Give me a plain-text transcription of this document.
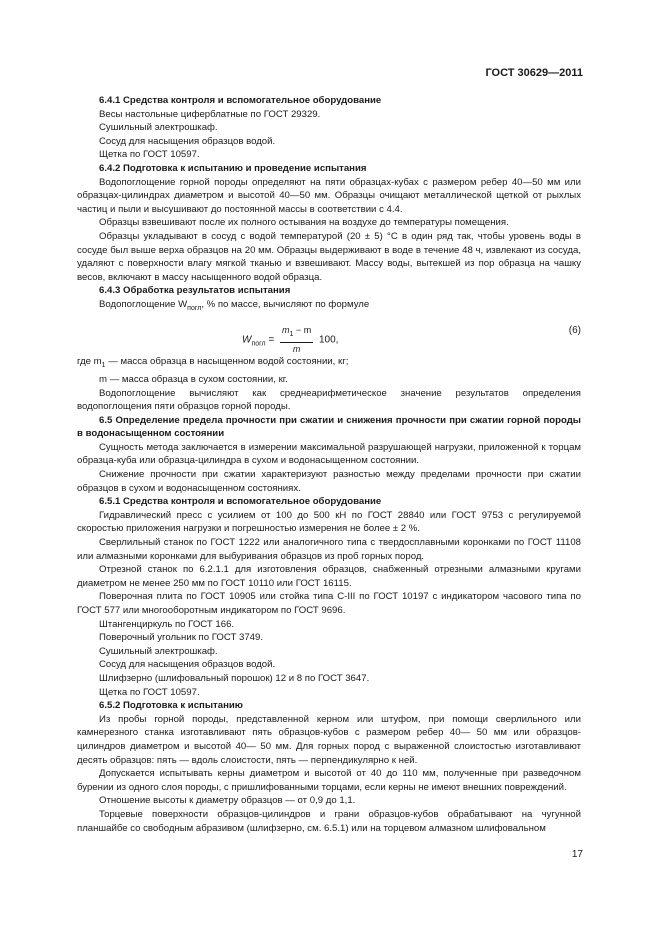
ГОСТ 30629—2011

6.4.1 Средства контроля и вспомогательное оборудование

Весы настольные циферблатные по ГОСТ 29329.

Сушильный электрошкаф.

Сосуд для насыщения образцов водой.

Щетка по ГОСТ 10597.

6.4.2 Подготовка к испытанию и проведение испытания

Водопоглощение горной породы определяют на пяти образцах-кубах с размером ребер 40—50 мм или образцах-цилиндрах диаметром и высотой 40—50 мм. Образцы очищают металлической щеткой от рыхлых частиц и пыли и высушивают до постоянной массы в соответствии с 4.4.

Образцы взвешивают после их полного остывания на воздухе до температуры помещения.

Образцы укладывают в сосуд с водой температурой (20 ± 5) °C в один ряд так, чтобы уровень воды в сосуде был выше верха образцов на 20 мм. Образцы выдерживают в воде в течение 48 ч, извлекают из сосуда, удаляют с поверхности влагу мягкой тканью и взвешивают. Массу воды, вытекшей из пор образца на чашку весов, включают в массу насыщенного водой образца.

6.4.3 Обработка результатов испытания

Водопоглощение $W_{погл}$, % по массе, вычисляют по формуле

$W_{погл} = \frac{m_1 - m}{m} 100$,
(6)

где $m_1$ — масса образца в насыщенном водой состоянии, кг;

m — масса образца в сухом состоянии, кг.

Водопоглощение вычисляют как среднеарифметическое значение результатов определения водопоглощения пяти образцов горной породы.

6.5 Определение предела прочности при сжатии и снижения прочности при сжатии горной породы в водонасыщенном состоянии

Сущность метода заключается в измерении максимальной разрушающей нагрузки, приложенной к торцам образца-куба или образца-цилиндра в сухом и водонасыщенном состоянии.

Снижение прочности при сжатии характеризуют разностью между пределами прочности при сжатии образцов в сухом и водонасыщенном состояниях.

6.5.1 Средства контроля и вспомогательное оборудование

Гидравлический пресс с усилием от 100 до 500 кН по ГОСТ 28840 или ГОСТ 9753 с регулируемой скоростью приложения нагрузки и погрешностью измерения не более ± 2 %.

Сверлильный станок по ГОСТ 1222 или аналогичного типа с твердосплавными коронками по ГОСТ 11108 или алмазными коронками для выбуривания образцов из проб горных пород.

Отрезной станок по 6.2.1.1 для изготовления образцов, снабженный отрезными алмазными кругами диаметром не менее 250 мм по ГОСТ 10110 или ГОСТ 16115.

Поверочная плита по ГОСТ 10905 или стойка типа С-III по ГОСТ 10197 с индикатором часового типа по ГОСТ 577 или многооборотным индикатором по ГОСТ 9696.

Штангенциркуль по ГОСТ 166.

Поверочный угольник по ГОСТ 3749.

Сушильный электрошкаф.

Сосуд для насыщения образцов водой.

Шлифзерно (шлифовальный порошок) 12 и 8 по ГОСТ 3647.

Щетка по ГОСТ 10597.

6.5.2 Подготовка к испытанию

Из пробы горной породы, представленной керном или штуфом, при помощи сверлильного или камнерезного станка изготавливают пять образцов-кубов с размером ребер 40— 50 мм или образцов-цилиндров диаметром и высотой 40— 50 мм. Для горных пород с выраженной слоистостью изготавливают десять образцов: пять — вдоль слоистости, пять — перпендикулярно к ней.

Допускается испытывать керны диаметром и высотой от 40 до 110 мм, полученные при разведочном бурении из одного слоя породы, с пришлифованными торцами, если керны не имеют внешних повреждений.

Отношение высоты к диаметру образцов — от 0,9 до 1,1.

Торцевые поверхности образцов-цилиндров и грани образцов-кубов обрабатывают на чугунной планшайбе со свободным абразивом (шлифзерно, см. 6.5.1) или на торцевом алмазном шлифовальном

17
